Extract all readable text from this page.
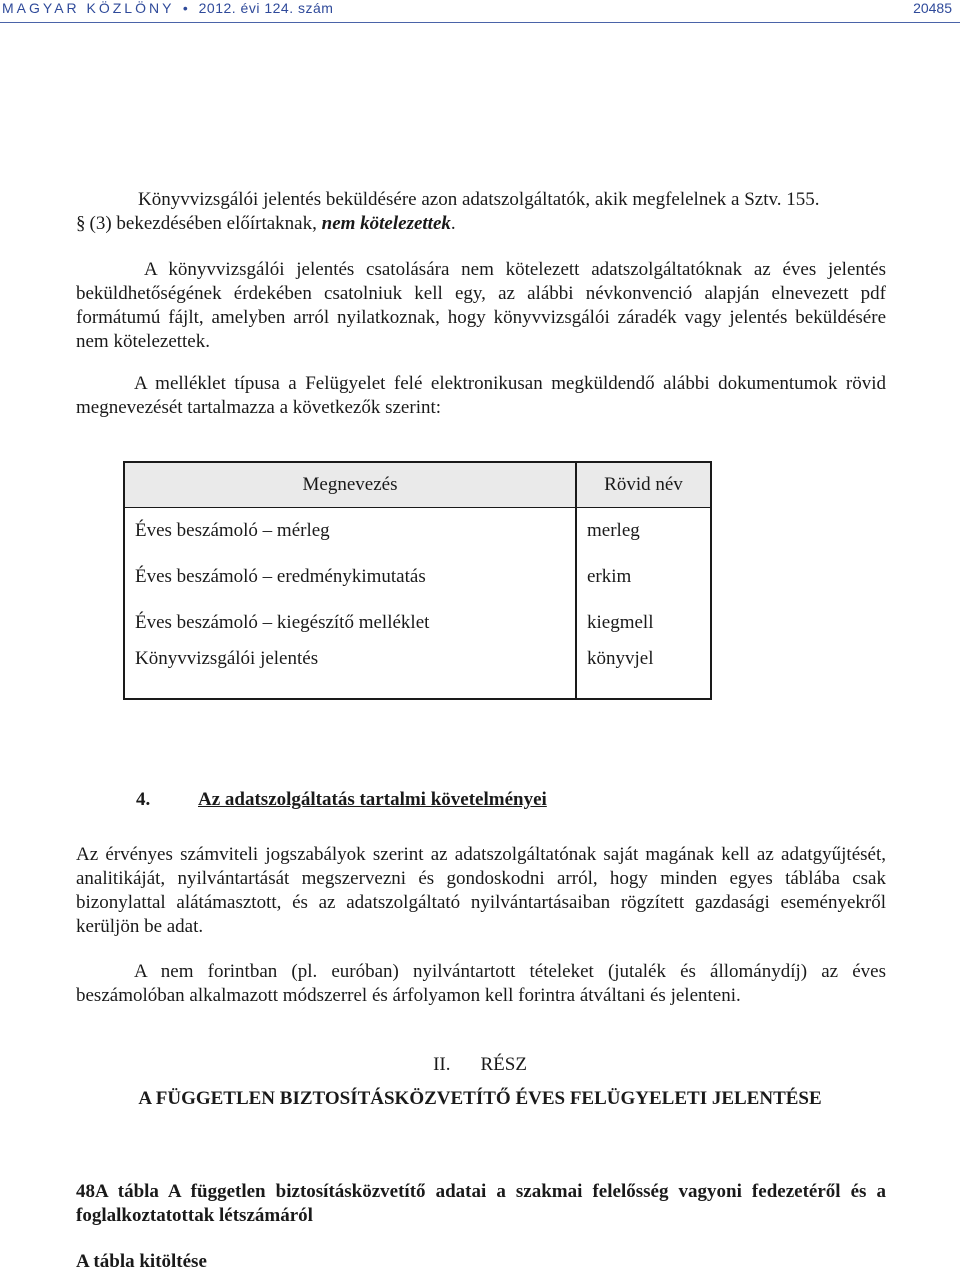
MAGYAR KÖZLÖNY • 2012. évi 124. szám	20485
Könyvvizsgálói jelentés beküldésére azon adatszolgáltatók, akik megfelelnek a Sztv. 155.
§ (3) bekezdésében előírtaknak, nem kötelezettek.
A könyvvizsgálói jelentés csatolására nem kötelezett adatszolgáltatóknak az éves jelentés beküldhetőségének érdekében csatolniuk kell egy, az alábbi névkonvenció alapján elnevezett pdf formátumú fájlt, amelyben arról nyilatkoznak, hogy könyvvizsgálói záradék vagy jelentés beküldésére nem kötelezettek.
A melléklet típusa a Felügyelet felé elektronikusan megküldendő alábbi dokumentumok rövid megnevezését tartalmazza a következők szerint:
Megnevezés	Rövid név
Éves beszámoló – mérleg	merleg
Éves beszámoló – eredménykimutatás	erkim
Éves beszámoló – kiegészítő melléklet	kiegmell
Könyvvizsgálói jelentés	könyvjel
4.	Az adatszolgáltatás tartalmi követelményei
Az érvényes számviteli jogszabályok szerint az adatszolgáltatónak saját magának kell az adatgyűjtését, analitikáját, nyilvántartását megszervezni és gondoskodni arról, hogy minden egyes táblába csak bizonylattal alátámasztott, és az adatszolgáltató nyilvántartásaiban rögzített gazdasági eseményekről kerüljön be adat.
A nem forintban (pl. euróban) nyilvántartott tételeket (jutalék és állománydíj) az éves beszámolóban alkalmazott módszerrel és árfolyamon kell forintra átváltani és jelenteni.
II. RÉSZ
A FÜGGETLEN BIZTOSÍTÁSKÖZVETÍTŐ ÉVES FELÜGYELETI JELENTÉSE
48A tábla A független biztosításközvetítő adatai a szakmai felelősség vagyoni fedezetéről és a foglalkoztatottak létszámáról
A tábla kitöltése
